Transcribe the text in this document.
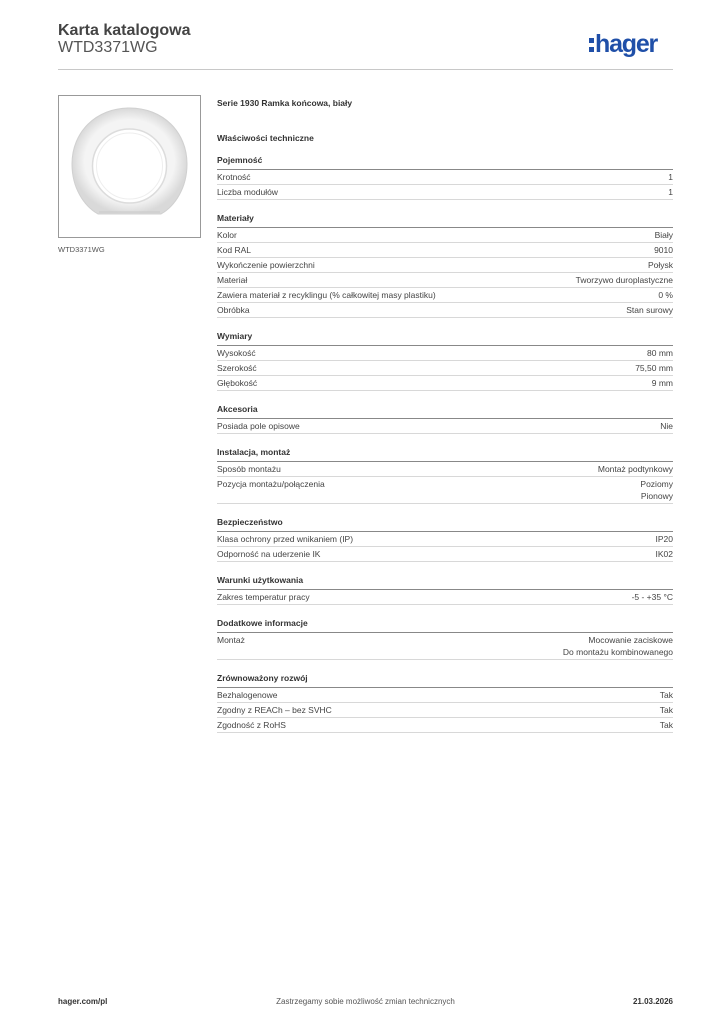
Karta katalogowa
WTD3371WG	hager
WTD3371WG
Serie 1930 Ramka końcowa, biały
Właściwości techniczne
Pojemność
Krotność	1
Liczba modułów	1
Materiały
Kolor	Biały
Kod RAL	9010
Wykończenie powierzchni	Połysk
Materiał	Tworzywo duroplastyczne
Zawiera materiał z recyklingu (% całkowitej masy plastiku)	0 %
Obróbka	Stan surowy
Wymiary
Wysokość	80 mm
Szerokość	75,50 mm
Głębokość	9 mm
Akcesoria
Posiada pole opisowe	Nie
Instalacja, montaż
Sposób montażu	Montaż podtynkowy
Pozycja montażu/połączenia	Poziomy
Pionowy
Bezpieczeństwo
Klasa ochrony przed wnikaniem (IP)	IP20
Odporność na uderzenie IK	IK02
Warunki użytkowania
Zakres temperatur pracy	-5 - +35 °C
Dodatkowe informacje
Montaż	Mocowanie zaciskowe
Do montażu kombinowanego
Zrównoważony rozwój
Bezhalogenowe	Tak
Zgodny z REACh – bez SVHC	Tak
Zgodność z RoHS	Tak
hager.com/pl	Zastrzegamy sobie możliwość zmian technicznych	21.03.2026
